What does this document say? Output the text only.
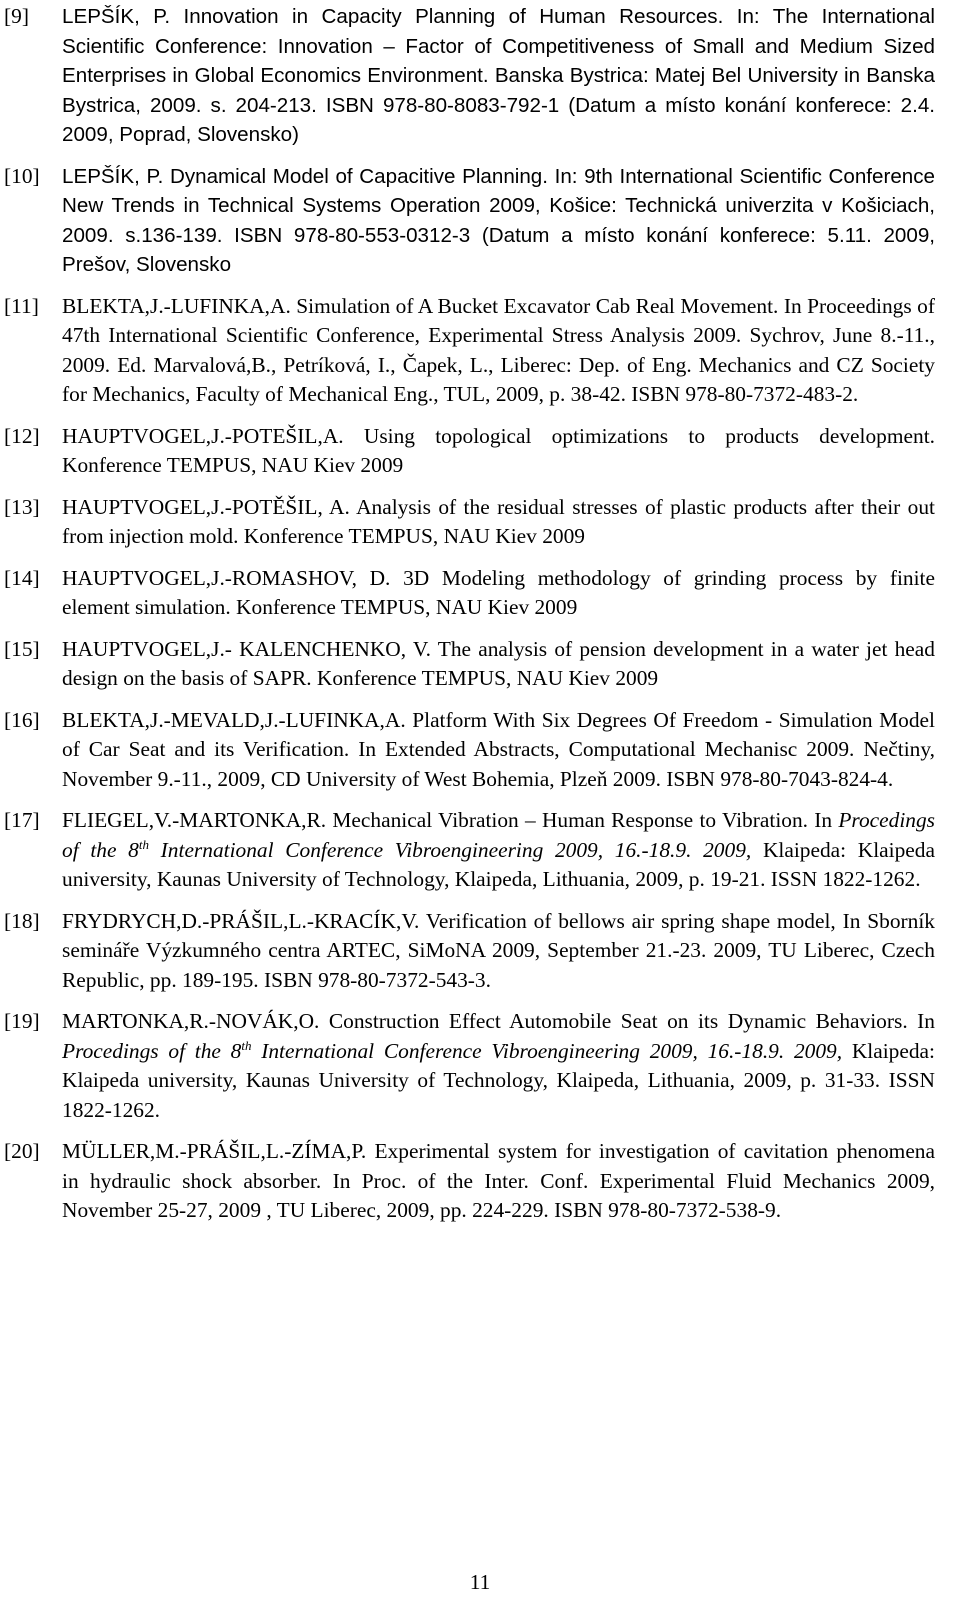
[9]	LEPŠÍK, P. Innovation in Capacity Planning of Human Resources. In: The International Scientific Conference: Innovation – Factor of Competitiveness of Small and Medium Sized Enterprises in Global Economics Environment. Banska Bystrica: Matej Bel University in Banska Bystrica, 2009. s. 204-213. ISBN 978-80-8083-792-1 (Datum a místo konání konferece: 2.4. 2009, Poprad, Slovensko)
[10]	LEPŠÍK, P. Dynamical Model of Capacitive Planning. In: 9th International Scientific Conference New Trends in Technical Systems Operation 2009, Košice: Technická univerzita v Košiciach, 2009. s.136-139. ISBN 978-80-553-0312-3 (Datum a místo konání konferece: 5.11. 2009, Prešov, Slovensko
[11]	BLEKTA,J.-LUFINKA,A. Simulation of A Bucket Excavator Cab Real Movement. In Proceedings of 47th International Scientific Conference, Experimental Stress Analysis 2009. Sychrov, June 8.-11., 2009. Ed. Marvalová,B., Petríková, I., Čapek, L., Liberec: Dep. of Eng. Mechanics and CZ Society for Mechanics, Faculty of Mechanical Eng., TUL, 2009, p. 38-42. ISBN 978-80-7372-483-2.
[12]	HAUPTVOGEL,J.-POTEŠIL,A. Using topological optimizations to products development. Konference TEMPUS, NAU Kiev 2009
[13]	HAUPTVOGEL,J.-POTĚŠIL, A. Analysis of the residual stresses of plastic products after their out from injection mold. Konference TEMPUS, NAU Kiev 2009
[14]	HAUPTVOGEL,J.-ROMASHOV, D. 3D Modeling methodology of grinding process by finite element simulation. Konference TEMPUS, NAU Kiev 2009
[15]	HAUPTVOGEL,J.- KALENCHENKO, V. The analysis of pension development in a water jet head design on the basis of SAPR. Konference TEMPUS, NAU Kiev 2009
[16]	BLEKTA,J.-MEVALD,J.-LUFINKA,A. Platform With Six Degrees Of Freedom - Simulation Model of Car Seat and its Verification. In Extended Abstracts, Computational Mechanisc 2009. Nečtiny, November 9.-11., 2009, CD University of West Bohemia, Plzeň 2009. ISBN 978-80-7043-824-4.
[17]	FLIEGEL,V.-MARTONKA,R. Mechanical Vibration – Human Response to Vibration. In Procedings of the 8th International Conference Vibroengineering 2009, 16.-18.9. 2009, Klaipeda: Klaipeda university, Kaunas University of Technology, Klaipeda, Lithuania, 2009, p. 19-21. ISSN 1822-1262.
[18]	FRYDRYCH,D.-PRÁŠIL,L.-KRACÍK,V. Verification of bellows air spring shape model, In Sborník semináře Výzkumného centra ARTEC, SiMoNA 2009, September 21.-23. 2009, TU Liberec, Czech Republic, pp. 189-195. ISBN 978-80-7372-543-3.
[19]	MARTONKA,R.-NOVÁK,O. Construction Effect Automobile Seat on its Dynamic Behaviors. In Procedings of the 8th International Conference Vibroengineering 2009, 16.-18.9. 2009, Klaipeda: Klaipeda university, Kaunas University of Technology, Klaipeda, Lithuania, 2009, p. 31-33. ISSN 1822-1262.
[20]	MÜLLER,M.-PRÁŠIL,L.-ZÍMA,P. Experimental system for investigation of cavitation phenomena in hydraulic shock absorber. In Proc. of the Inter. Conf. Experimental Fluid Mechanics 2009, November 25-27, 2009 , TU Liberec, 2009, pp. 224-229. ISBN 978-80-7372-538-9.
11
